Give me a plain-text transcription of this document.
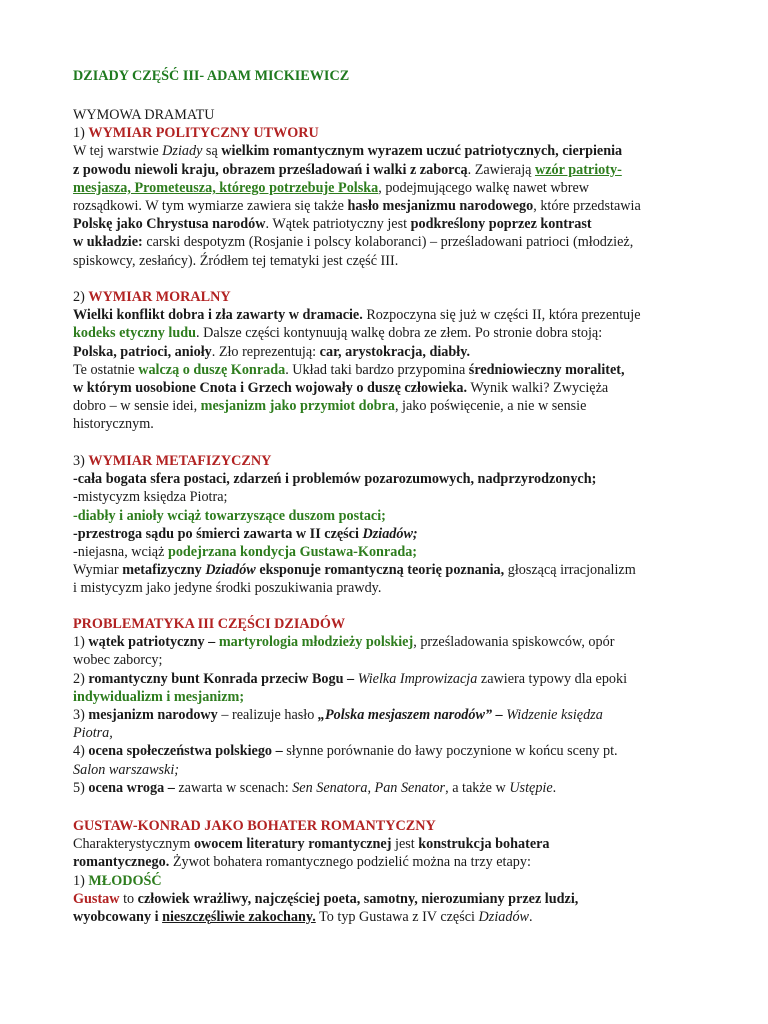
DZIADY CZĘŚĆ III- ADAM MICKIEWICZ
WYMOWA DRAMATU
1) WYMIAR POLITYCZNY UTWORU
W tej warstwie Dziady są wielkim romantycznym wyrazem uczuć patriotycznych, cierpienia
z powodu niewoli kraju, obrazem prześladowań i walki z zaborcą. Zawierają wzór patrioty-
mesjasza, Prometeusza, którego potrzebuje Polska, podejmującego walkę nawet wbrew
rozsądkowi. W tym wymiarze zawiera się także hasło mesjanizmu narodowego, które przedstawia
Polskę jako Chrystusa narodów. Wątek patriotyczny jest podkreślony poprzez kontrast
w układzie: carski despotyzm (Rosjanie i polscy kolaboranci) – prześladowani patrioci (młodzież,
spiskowcy, zesłańcy). Źródłem tej tematyki jest część III.
2) WYMIAR MORALNY
Wielki konflikt dobra i zła zawarty w dramacie. Rozpoczyna się już w części II, która prezentuje
kodeks etyczny ludu. Dalsze części kontynuują walkę dobra ze złem. Po stronie dobra stoją:
Polska, patrioci, anioły. Zło reprezentują: car, arystokracja, diabły.
Te ostatnie walczą o duszę Konrada. Układ taki bardzo przypomina średniowieczny moralitet,
w którym uosobione Cnota i Grzech wojowały o duszę człowieka. Wynik walki? Zwycięża
dobro – w sensie idei, mesjanizm jako przymiot dobra, jako poświęcenie, a nie w sensie
historycznym.
3) WYMIAR METAFIZYCZNY
-cała bogata sfera postaci, zdarzeń i problemów pozarozumowych, nadprzyrodzonych;
-mistycyzm księdza Piotra;
-diabły i anioły wciąż towarzyszące duszom postaci;
-przestroga sądu po śmierci zawarta w II części Dziadów;
-niejasna, wciąż podejrzana kondycja Gustawa-Konrada;
Wymiar metafizyczny Dziadów eksponuje romantyczną teorię poznania, głoszącą irracjonalizm
i mistycyzm jako jedyne środki poszukiwania prawdy.
PROBLEMATYKA III CZĘŚCI DZIADÓW
1) wątek patriotyczny – martyrologia młodzieży polskiej, prześladowania spiskowców, opór
wobec zaborcy;
2) romantyczny bunt Konrada przeciw Bogu – Wielka Improwizacja zawiera typowy dla epoki
indywidualizm i mesjanizm;
3) mesjanizm narodowy – realizuje hasło „Polska mesjaszem narodów” – Widzenie księdza
Piotra,
4) ocena społeczeństwa polskiego – słynne porównanie do ławy poczynione w końcu sceny pt.
Salon warszawski;
5) ocena wroga – zawarta w scenach: Sen Senatora, Pan Senator, a także w Ustępie.
GUSTAW-KONRAD JAKO BOHATER ROMANTYCZNY
Charakterystycznym owocem literatury romantycznej jest konstrukcja bohatera
romantycznego. Żywot bohatera romantycznego podzielić można na trzy etapy:
1) MŁODOŚĆ
Gustaw to człowiek wrażliwy, najczęściej poeta, samotny, nierozumiany przez ludzi,
wyobcowany i nieszczęśliwie zakochany. To typ Gustawa z IV części Dziadów.
